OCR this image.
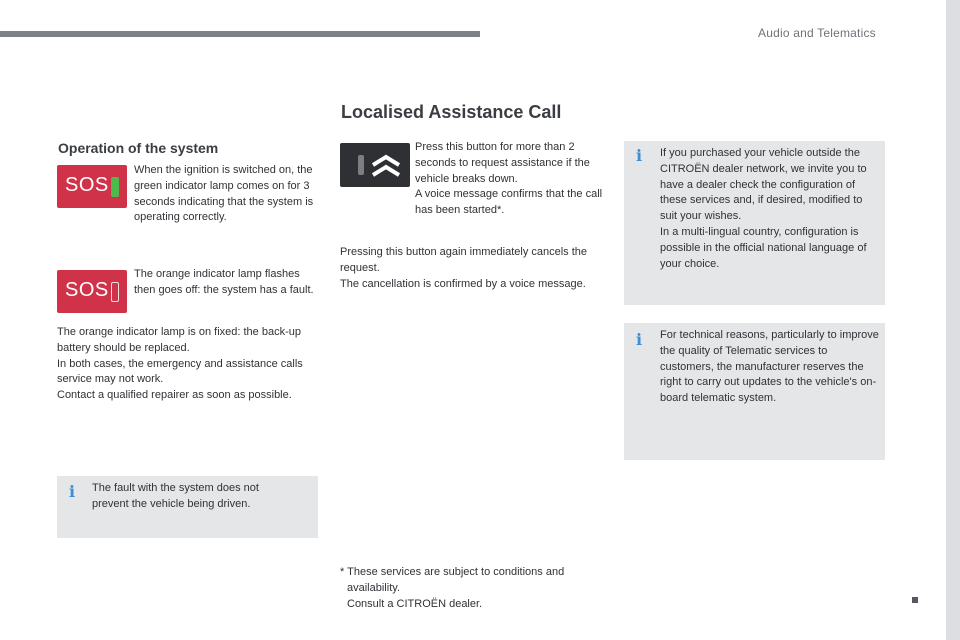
Audio and Telematics
Localised Assistance Call
Operation of the system
SOS
When the ignition is switched on, the green indicator lamp comes on for 3 seconds indicating that the system is operating correctly.
SOS
The orange indicator lamp flashes then goes off: the system has a fault.
The orange indicator lamp is on fixed: the back-up battery should be replaced.
In both cases, the emergency and assistance calls service may not work.
Contact a qualified repairer as soon as possible.
i The fault with the system does not prevent the vehicle being driven.
Press this button for more than 2 seconds to request assistance if the vehicle breaks down.
A voice message confirms that the call has been started*.
Pressing this button again immediately cancels the request.
The cancellation is confirmed by a voice message.
* These services are subject to conditions and availability.
Consult a CITROËN dealer.
i If you purchased your vehicle outside the CITROËN dealer network, we invite you to have a dealer check the configuration of these services and, if desired, modified to suit your wishes.
In a multi-lingual country, configuration is possible in the official national language of your choice.
i For technical reasons, particularly to improve the quality of Telematic services to customers, the manufacturer reserves the right to carry out updates to the vehicle's on-board telematic system.
